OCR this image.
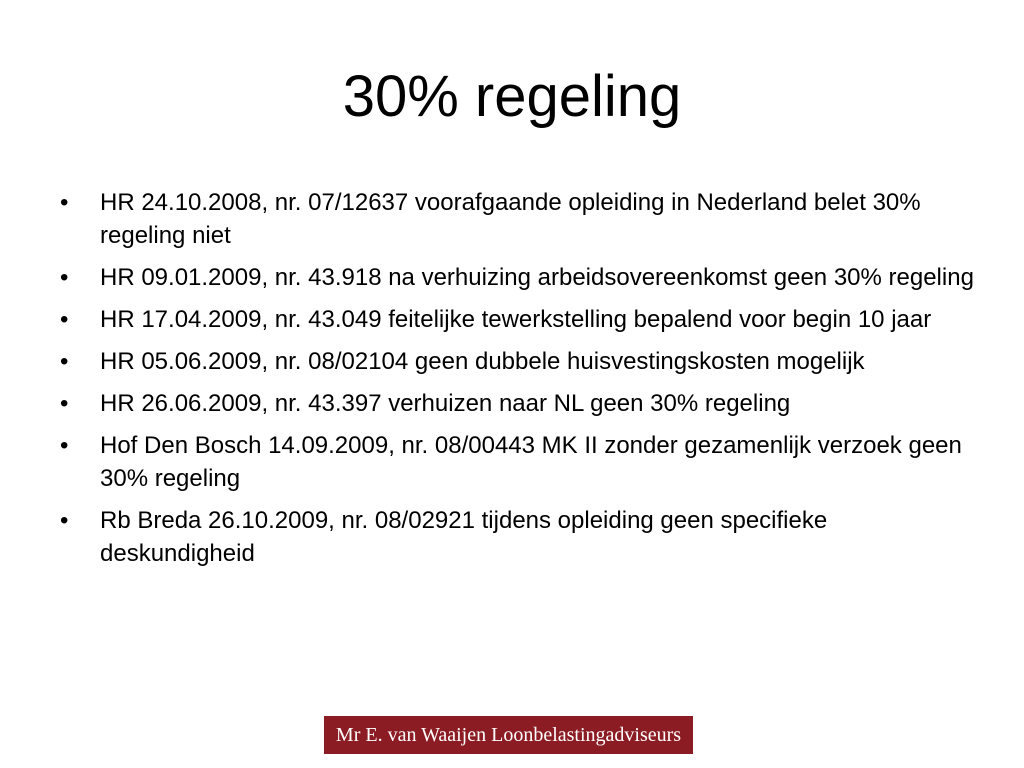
30% regeling
• HR 24.10.2008, nr. 07/12637 voorafgaande opleiding in Nederland belet 30% regeling niet
• HR 09.01.2009, nr. 43.918 na verhuizing arbeidsovereenkomst geen 30% regeling
• HR 17.04.2009, nr. 43.049 feitelijke tewerkstelling bepalend voor begin 10 jaar
• HR 05.06.2009, nr. 08/02104 geen dubbele huisvestingskosten mogelijk
• HR 26.06.2009, nr. 43.397 verhuizen naar NL geen 30% regeling
• Hof Den Bosch 14.09.2009, nr. 08/00443 MK II zonder gezamenlijk verzoek geen 30% regeling
• Rb Breda 26.10.2009, nr. 08/02921 tijdens opleiding geen specifieke deskundigheid
Mr E. van Waaijen Loonbelastingadviseurs
